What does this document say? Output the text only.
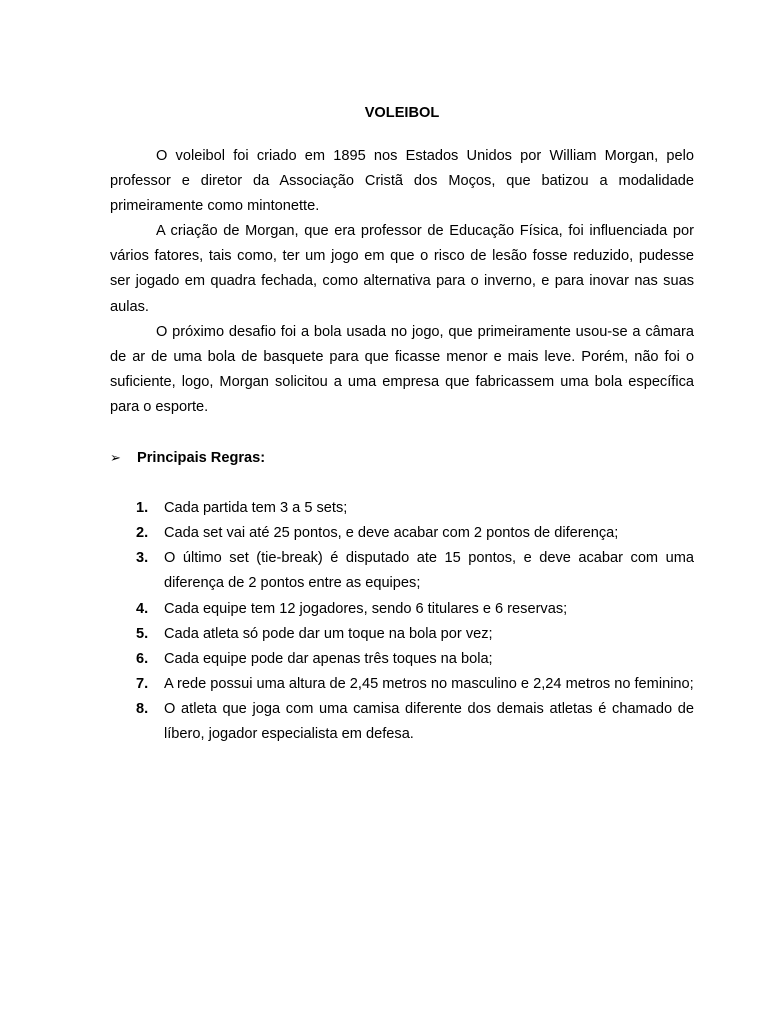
VOLEIBOL

O voleibol foi criado em 1895 nos Estados Unidos por William Morgan, pelo professor e diretor da Associação Cristã dos Moços, que batizou a modalidade primeiramente como mintonette.

A criação de Morgan, que era professor de Educação Física, foi influenciada por vários fatores, tais como, ter um jogo em que o risco de lesão fosse reduzido, pudesse ser jogado em quadra fechada, como alternativa para o inverno, e para inovar nas suas aulas.

O próximo desafio foi a bola usada no jogo, que primeiramente usou-se a câmara de ar de uma bola de basquete para que ficasse menor e mais leve. Porém, não foi o suficiente, logo, Morgan solicitou a uma empresa que fabricassem uma bola específica para o esporte.

➢	Principais Regras:
1.	Cada partida tem 3 a 5 sets;
2.	Cada set vai até 25 pontos, e deve acabar com 2 pontos de diferença;
3.	O último set (tie-break) é disputado ate 15 pontos, e deve acabar com uma diferença de 2 pontos entre as equipes;
4.	Cada equipe tem 12 jogadores, sendo 6 titulares e 6 reservas;
5.	Cada atleta só pode dar um toque na bola por vez;
6.	Cada equipe pode dar apenas três toques na bola;
7.	A rede possui uma altura de 2,45 metros no masculino e 2,24 metros no feminino;
8.	O atleta que joga com uma camisa diferente dos demais atletas é chamado de líbero, jogador especialista em defesa.
